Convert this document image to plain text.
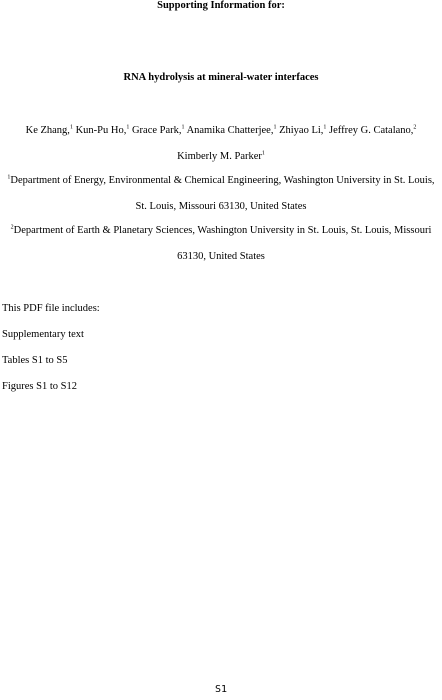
Supporting Information for:
RNA hydrolysis at mineral-water interfaces
Ke Zhang,$^1$ Kun-Pu Ho,$^1$ Grace Park,$^1$ Anamika Chatterjee,$^1$ Zhiyao Li,$^1$ Jeffrey G. Catalano,$^2$
Kimberly M. Parker$^1$
$^1$Department of Energy, Environmental & Chemical Engineering, Washington University in St. Louis,
St. Louis, Missouri 63130, United States
$^2$Department of Earth & Planetary Sciences, Washington University in St. Louis, St. Louis, Missouri
63130, United States
This PDF file includes:
Supplementary text
Tables S1 to S5
Figures S1 to S12
S1
